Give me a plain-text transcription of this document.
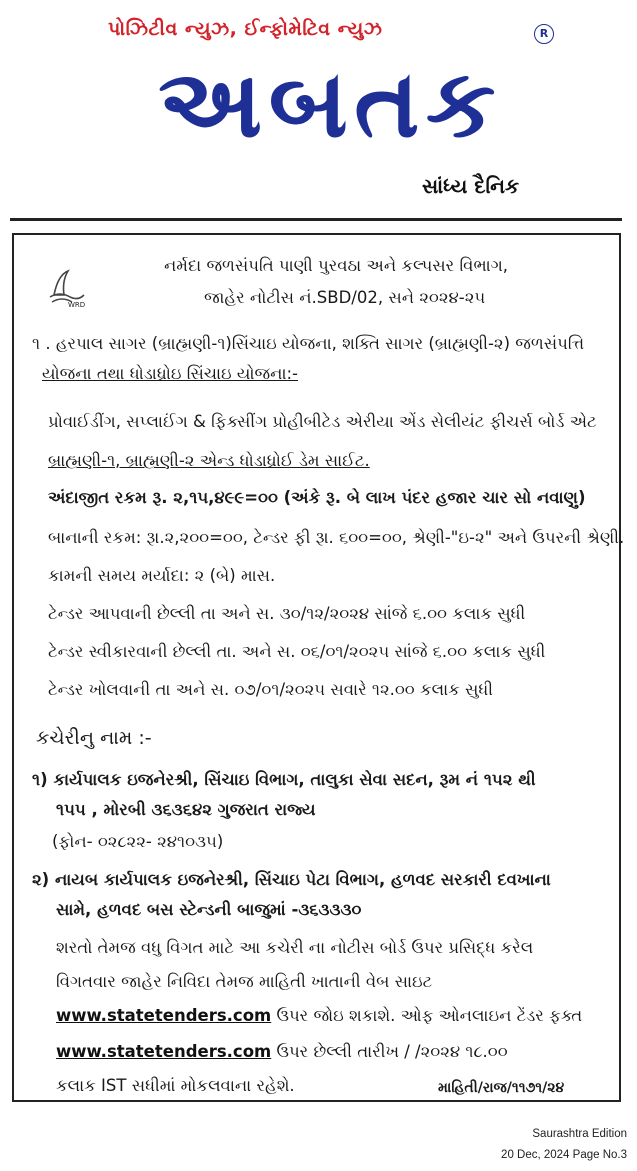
પોઝિટીવ ન્યુઝ, ઈન્ફોમેટિવ ન્યુઝ	R
અબતક
સાંધ્ય દૈનિક
WRD
નર્મદા જળસંપતિ પાણી પુરવઠા અને કલ્પસર વિભાગ,
જાહેર નોટીસ નં.SBD/02, સને ૨૦૨૪-૨૫
૧ . હરપાલ સાગર (બ્રાહ્મણી-૧)સિંચાઇ યોજના, શક્તિ સાગર (બ્રાહ્મણી-૨) જળસંપત્તિ
યોજના તથા ધોડાધ્રોઇ સિંચાઇ યોજના:-
પ્રોવાઈડીંગ, સપ્લાઈંગ & ફિક્સીંગ પ્રોહીબીટેડ એરીયા એંડ સેલીયંટ ફીચર્સ બોર્ડ એટ
બ્રાહ્મણી-૧, બ્રાહ્મણી-૨ એન્ડ ધોડાધ્રોઈ ડેમ સાઈટ.
અંદાજીત રકમ રૂ. ૨,૧૫,૪૯૯=૦૦ (અંકે રૂ. બે લાખ પંદર હજાર ચાર સો નવાણુ)
બાનાની રકમ: રૂા.૨,૨૦૦=૦૦, ટેન્ડર ફી રૂા. ૬૦૦=૦૦, શ્રેણી-"ઇ-૨" અને ઉપરની શ્રેણી.
કામની સમય મર્યાદા: ૨ (બે) માસ.
ટેન્ડર આપવાની છેલ્લી તા અને સ. ૩૦/૧૨/૨૦૨૪ સાંજે ૬.૦૦ કલાક સુધી
ટેન્ડર સ્વીકારવાની છેલ્લી તા. અને સ. ૦૬/૦૧/૨૦૨૫ સાંજે ૬.૦૦ કલાક સુધી
ટેન્ડર ખોલવાની તા અને સ. ૦૭/૦૧/૨૦૨૫ સવારે ૧૨.૦૦ કલાક સુધી
કચેરીનુ નામ :-
૧) કાર્યપાલક ઇજનેરશ્રી, સિંચાઇ વિભાગ, તાલુકા સેવા સદન, રૂમ નં ૧૫૨ થી
૧૫૫ , મોરબી ૩૬૩૬૪૨ ગુજરાત રાજ્ય
(ફોન- ૦૨૮૨૨- ૨૪૧૦૩૫)
૨) નાયબ કાર્યપાલક ઇજનેરશ્રી, સિંચાઇ પેટા વિભાગ, હળવદ સરકારી દવખાના
સામે, હળવદ બસ સ્ટેન્ડની બાજુમાં -૩૬૩૩૩૦
શરતો તેમજ વધુ વિગત માટે આ કચેરી ના નોટીસ બોર્ડ ઉપર પ્રસિદ્ધ કરેલ
વિગતવાર જાહેર નિવિદા તેમજ માહિતી ખાતાની વેબ સાઇટ
www.statetenders.com ઉપર જોઇ શકાશે. ઓફ ઓનલાઇન ટેંડર ફક્ત
www.statetenders.com ઉપર છેલ્લી તારીખ / /૨૦૨૪ ૧૮.૦૦
કલાક IST સધીમાં મોકલવાના રહેશે.	માહિતી/રાજ/૧૧૭૧/૨૪
Saurashtra Edition
20 Dec, 2024 Page No.3
